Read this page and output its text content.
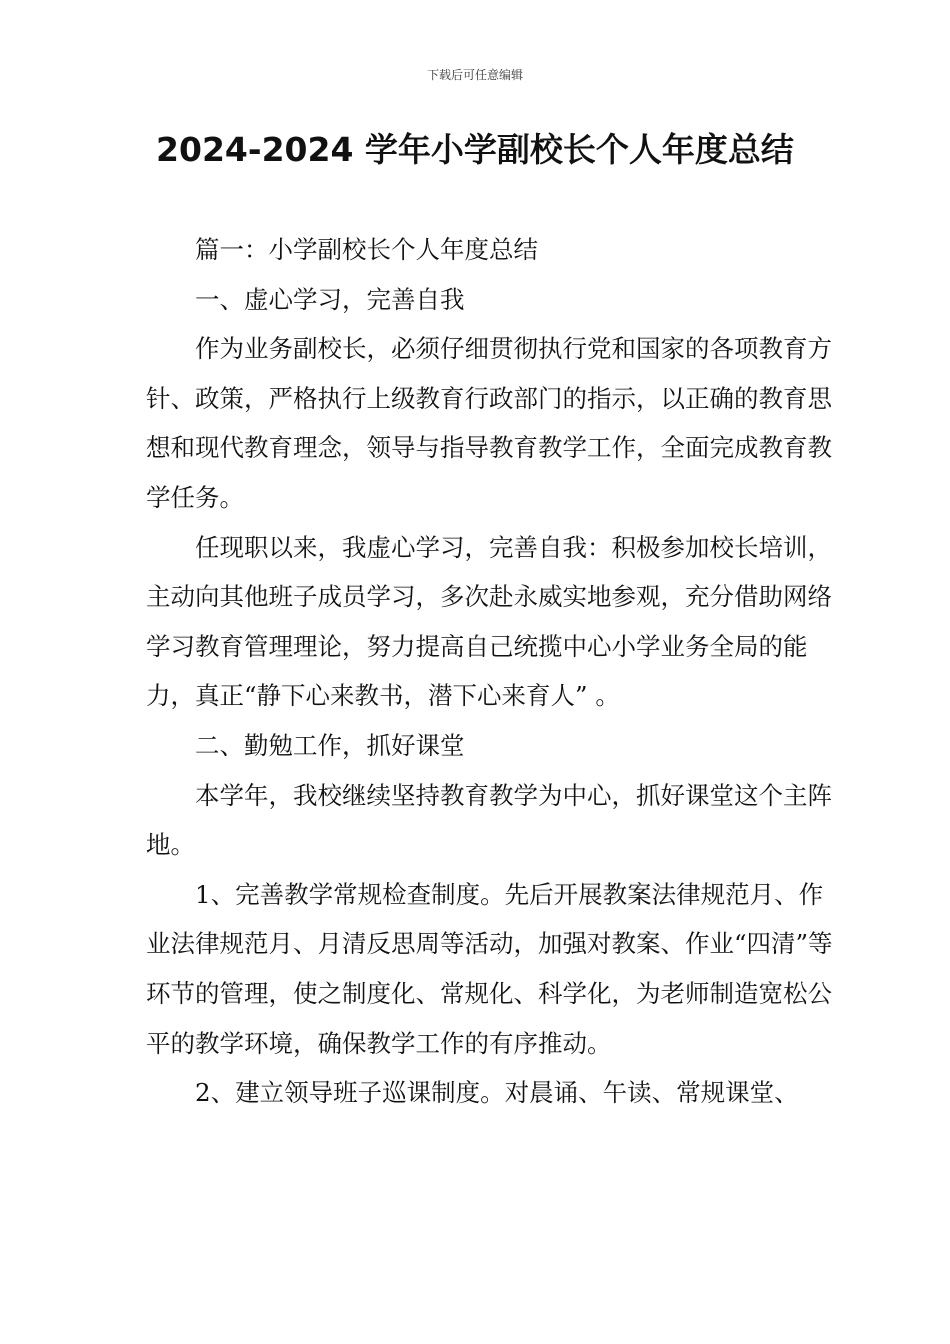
下载后可任意编辑
2024-2024 学年小学副校长个人年度总结

篇一：小学副校长个人年度总结

一、虚心学习，完善自我

作为业务副校长，必须仔细贯彻执行党和国家的各项教育方针、政策，严格执行上级教育行政部门的指示，以正确的教育思想和现代教育理念，领导与指导教育教学工作，全面完成教育教学任务。

任现职以来，我虚心学习，完善自我：积极参加校长培训，主动向其他班子成员学习，多次赴永威实地参观，充分借助网络学习教育管理理论，努力提高自己统揽中心小学业务全局的能力，真正“静下心来教书，潜下心来育人” 。

二、勤勉工作，抓好课堂

本学年，我校继续坚持教育教学为中心，抓好课堂这个主阵地。

1、完善教学常规检查制度。先后开展教案法律规范月、作业法律规范月、月清反思周等活动，加强对教案、作业“四清”等环节的管理，使之制度化、常规化、科学化，为老师制造宽松公平的教学环境，确保教学工作的有序推动。

2、建立领导班子巡课制度。对晨诵、午读、常规课堂、
